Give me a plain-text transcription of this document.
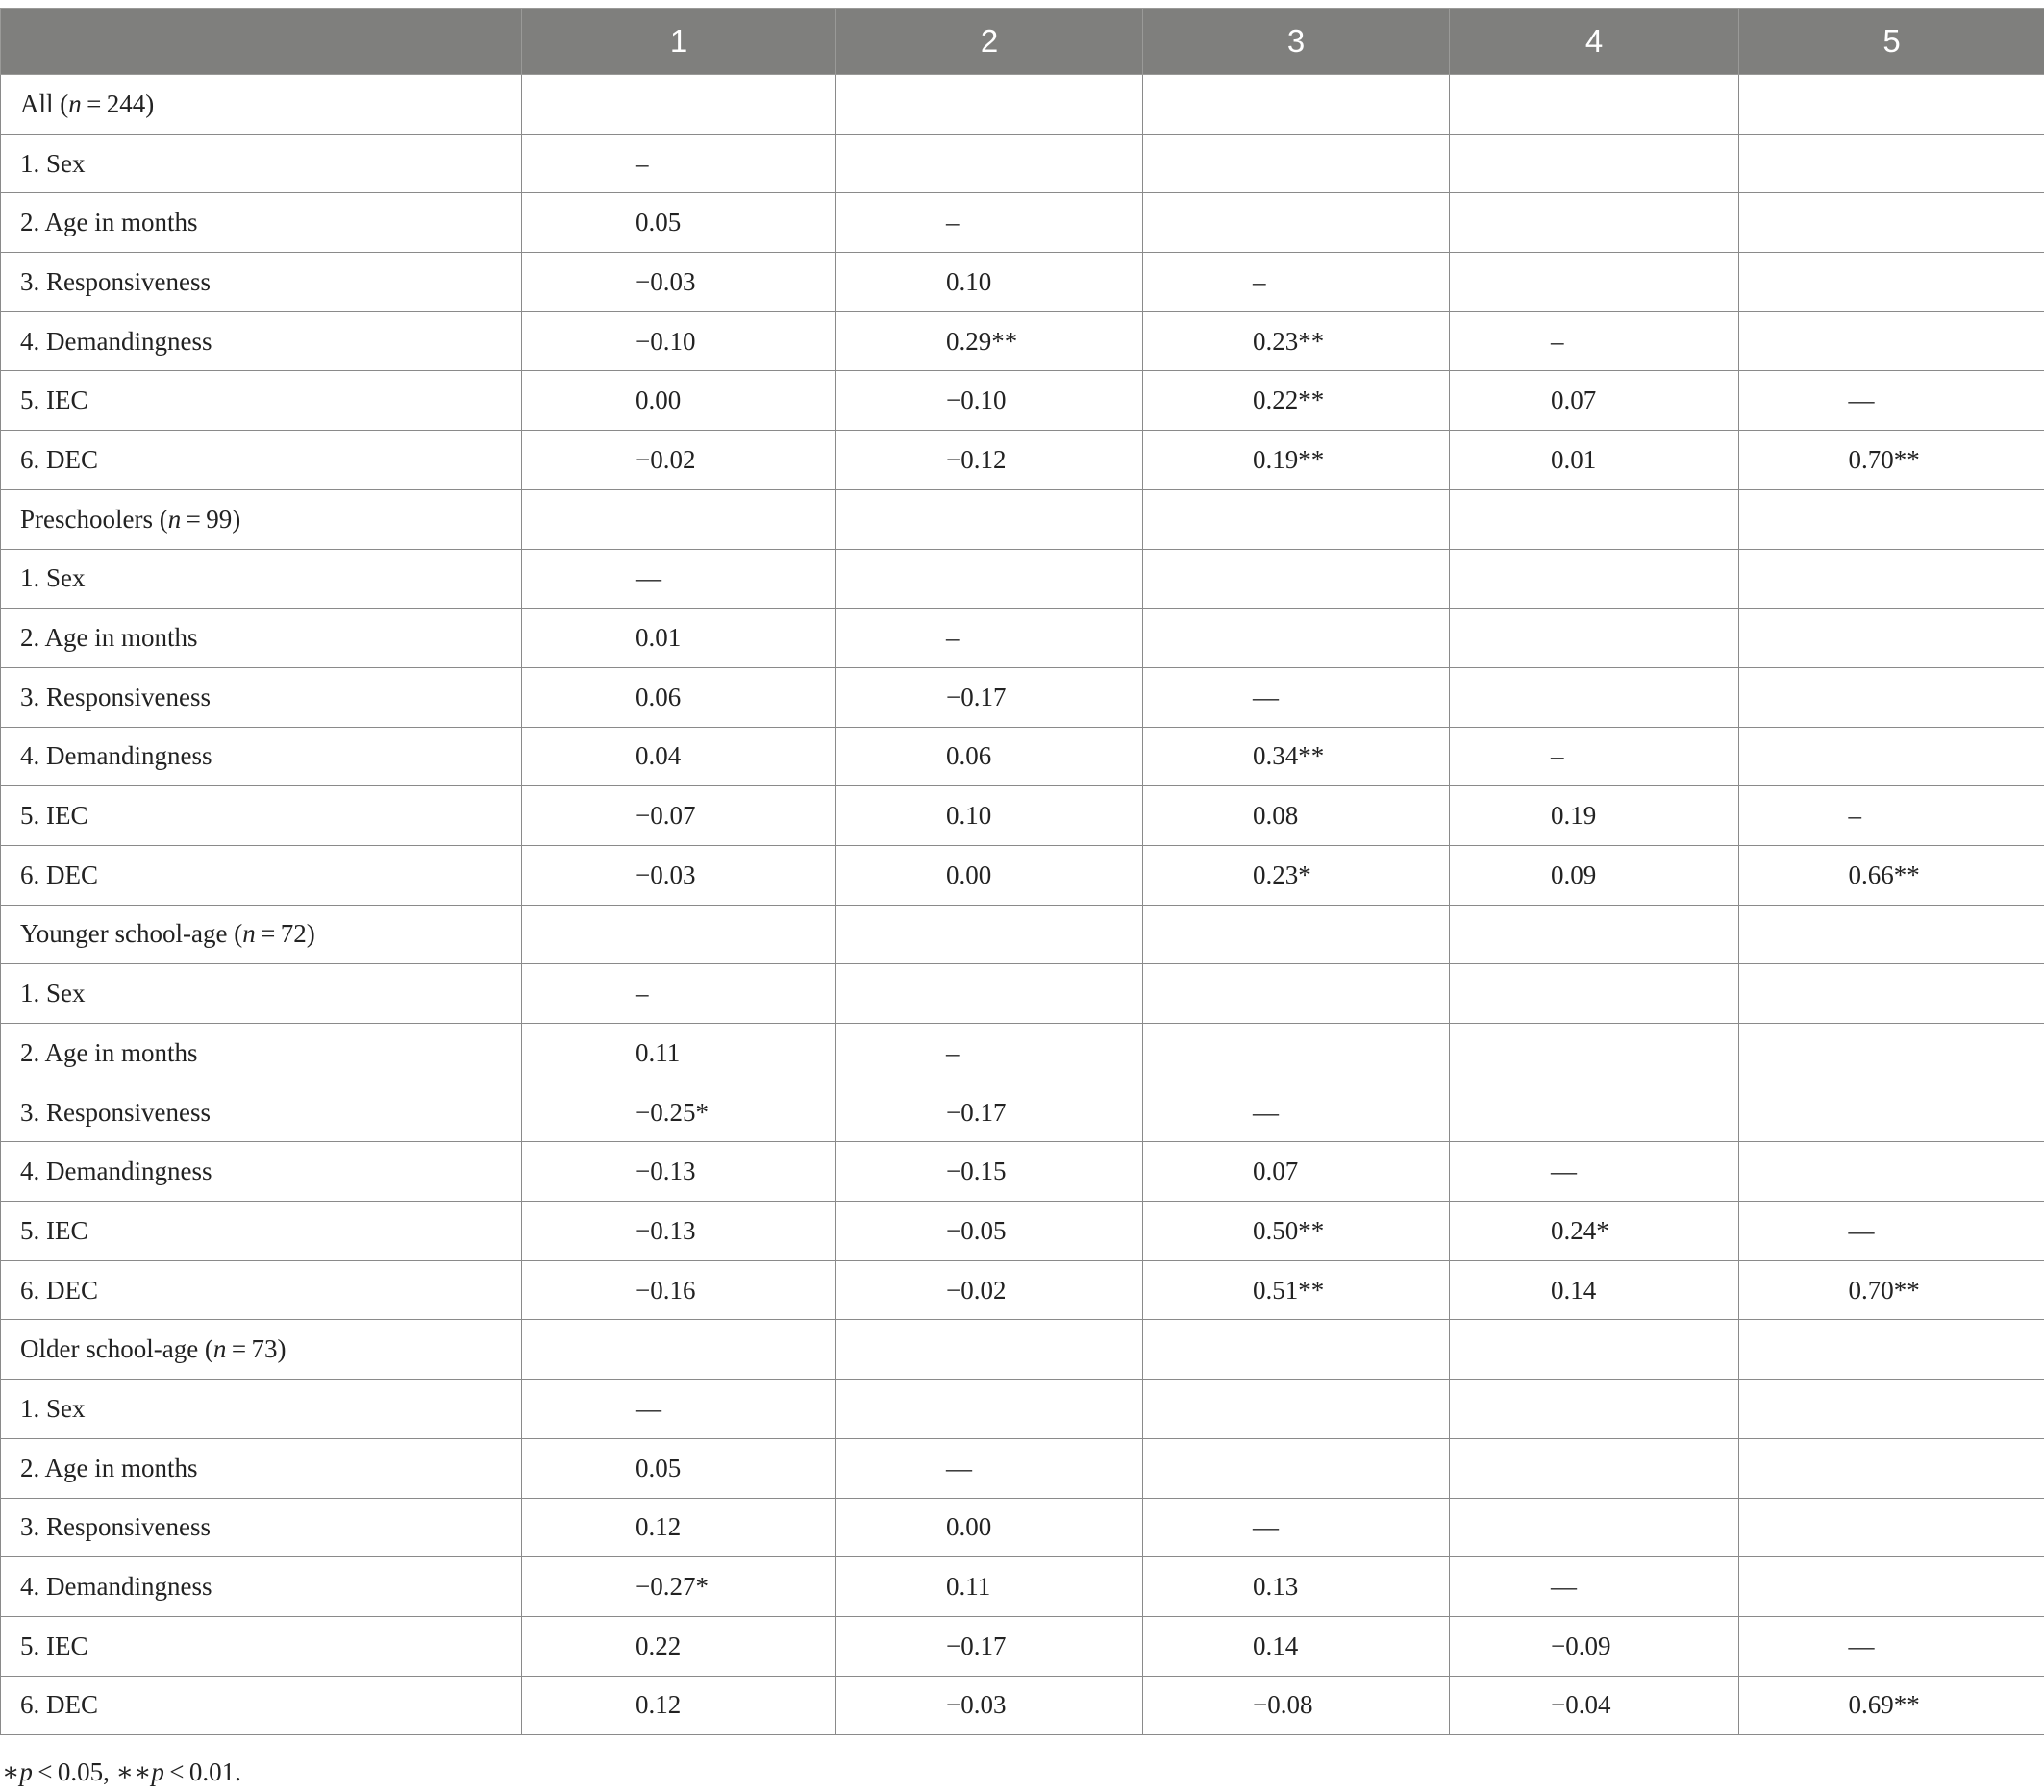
	1	2	3	4	5
All (n = 244)					
1. Sex	–				
2. Age in months	0.05	–			
3. Responsiveness	−0.03	0.10	–		
4. Demandingness	−0.10	0.29**	0.23**	–	
5. IEC	0.00	−0.10	0.22**	0.07	—
6. DEC	−0.02	−0.12	0.19**	0.01	0.70**
Preschoolers (n = 99)					
1. Sex	—				
2. Age in months	0.01	–			
3. Responsiveness	0.06	−0.17	—		
4. Demandingness	0.04	0.06	0.34**	–	
5. IEC	−0.07	0.10	0.08	0.19	–
6. DEC	−0.03	0.00	0.23*	0.09	0.66**
Younger school-age (n = 72)					
1. Sex	–				
2. Age in months	0.11	–			
3. Responsiveness	−0.25*	−0.17	—		
4. Demandingness	−0.13	−0.15	0.07	—	
5. IEC	−0.13	−0.05	0.50**	0.24*	—
6. DEC	−0.16	−0.02	0.51**	0.14	0.70**
Older school-age (n = 73)					
1. Sex	—				
2. Age in months	0.05	—			
3. Responsiveness	0.12	0.00	—		
4. Demandingness	−0.27*	0.11	0.13	—	
5. IEC	0.22	−0.17	0.14	−0.09	—
6. DEC	0.12	−0.03	−0.08	−0.04	0.69**
∗p < 0.05, ∗∗p < 0.01.
